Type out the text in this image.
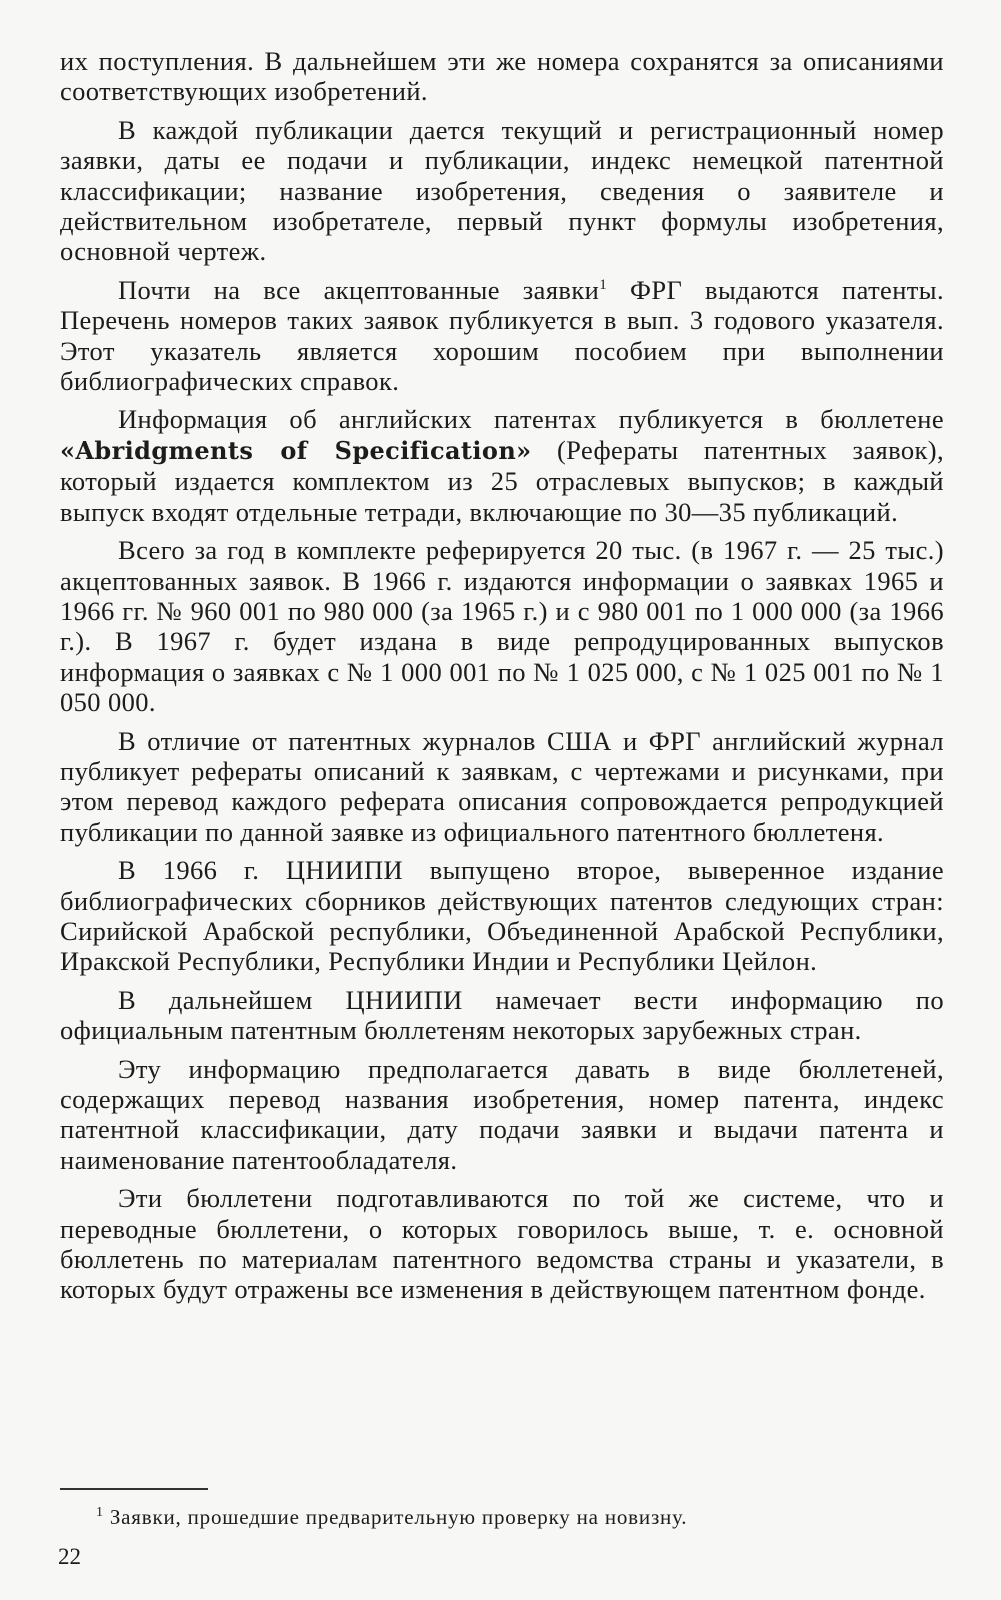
их поступления. В дальнейшем эти же номера сохранятся за описаниями соответствующих изобретений.

В каждой публикации дается текущий и регистрационный номер заявки, даты ее подачи и публикации, индекс немецкой патентной классификации; название изобретения, сведения о заявителе и действительном изобретателе, первый пункт формулы изобретения, основной чертеж.

Почти на все акцептованные заявки$^1$ ФРГ выдаются патенты. Перечень номеров таких заявок публикуется в вып. 3 годового указателя. Этот указатель является хорошим пособием при выполнении библиографических справок.

Информация об английских патентах публикуется в бюллетене «Abridgments of Specification» (Рефераты патентных заявок), который издается комплектом из 25 отраслевых выпусков; в каждый выпуск входят отдельные тетради, включающие по 30—35 публикаций.

Всего за год в комплекте реферируется 20 тыс. (в 1967 г. — 25 тыс.) акцептованных заявок. В 1966 г. издаются информации о заявках 1965 и 1966 гг. № 960 001 по 980 000 (за 1965 г.) и с 980 001 по 1 000 000 (за 1966 г.). В 1967 г. будет издана в виде репродуцированных выпусков информация о заявках с № 1 000 001 по № 1 025 000, с № 1 025 001 по № 1 050 000.

В отличие от патентных журналов США и ФРГ английский журнал публикует рефераты описаний к заявкам, с чертежами и рисунками, при этом перевод каждого реферата описания сопровождается репродукцией публикации по данной заявке из официального патентного бюллетеня.

В 1966 г. ЦНИИПИ выпущено второе, выверенное издание библиографических сборников действующих патентов следующих стран: Сирийской Арабской республики, Объединенной Арабской Республики, Иракской Республики, Республики Индии и Республики Цейлон.

В дальнейшем ЦНИИПИ намечает вести информацию по официальным патентным бюллетеням некоторых зарубежных стран.

Эту информацию предполагается давать в виде бюллетеней, содержащих перевод названия изобретения, номер патента, индекс патентной классификации, дату подачи заявки и выдачи патента и наименование патентообладателя.

Эти бюллетени подготавливаются по той же системе, что и переводные бюллетени, о которых говорилось выше, т. е. основной бюллетень по материалам патентного ведомства страны и указатели, в которых будут отражены все изменения в действующем патентном фонде.

$^1$ Заявки, прошедшие предварительную проверку на новизну.
22
